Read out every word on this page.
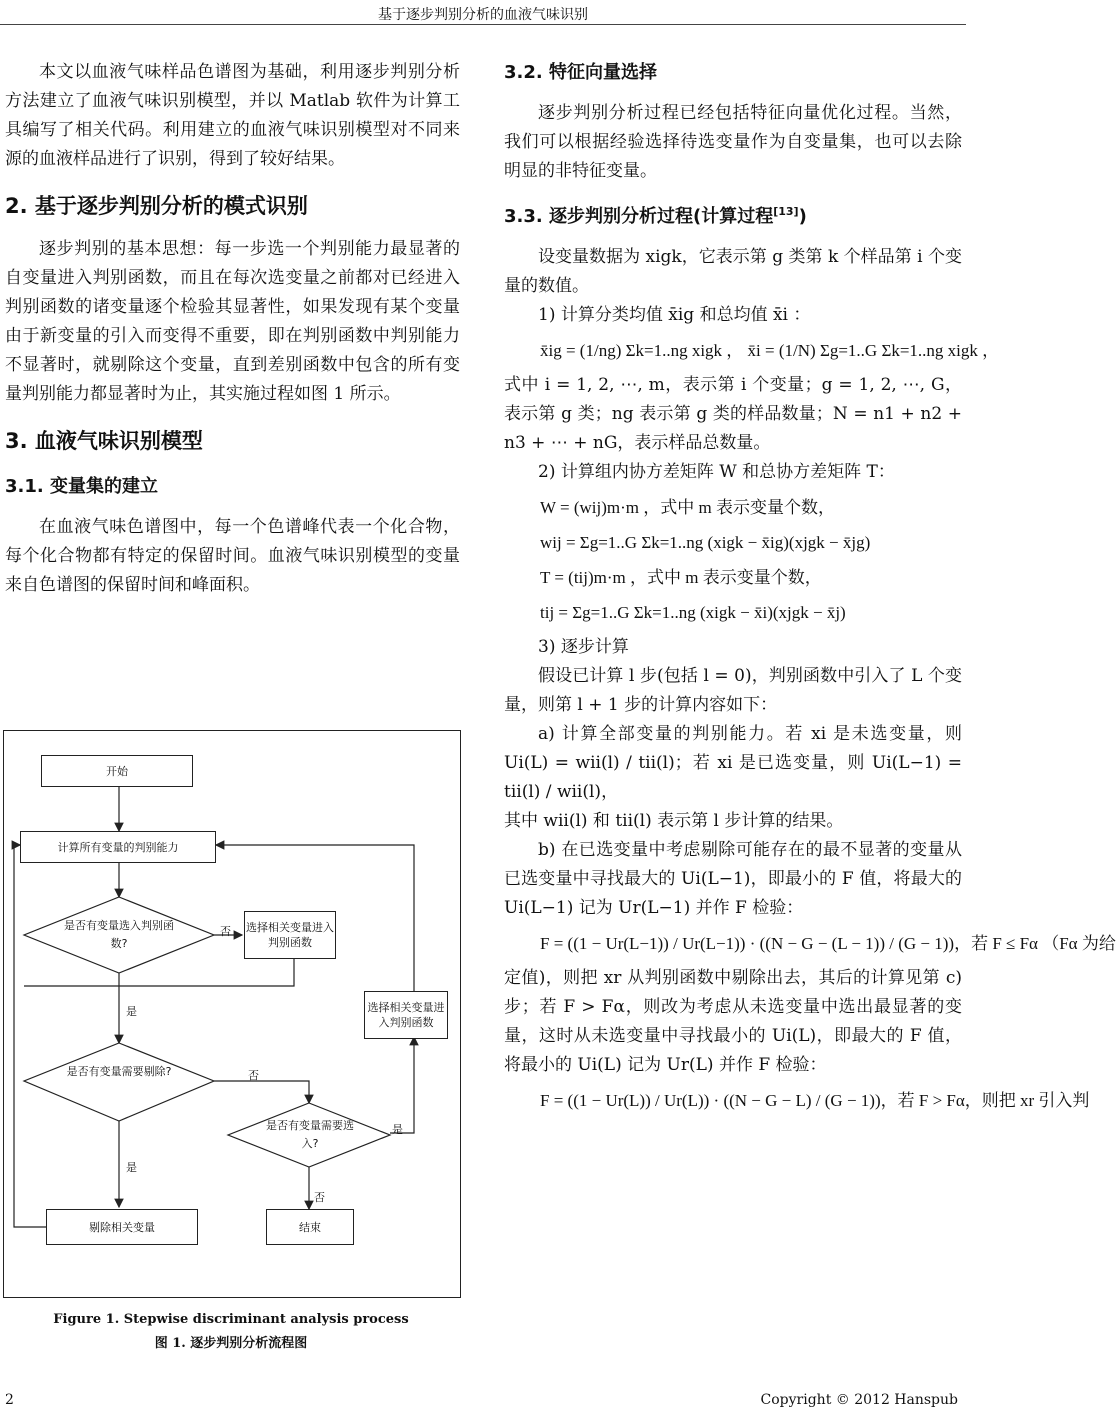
基于逐步判别分析的血液气味识别

本文以血液气味样品色谱图为基础，利用逐步判别分析方法建立了血液气味识别模型，并以 Matlab 软件为计算工具编写了相关代码。利用建立的血液气味识别模型对不同来源的血液样品进行了识别，得到了较好结果。

2. 基于逐步判别分析的模式识别

逐步判别的基本思想：每一步选一个判别能力最显著的自变量进入判别函数，而且在每次选变量之前都对已经进入判别函数的诸变量逐个检验其显著性，如果发现有某个变量由于新变量的引入而变得不重要，即在判别函数中判别能力不显著时，就剔除这个变量，直到差别函数中包含的所有变量判别能力都显著时为止，其实施过程如图 1 所示。

3. 血液气味识别模型
3.1. 变量集的建立

在血液气味色谱图中，每一个色谱峰代表一个化合物，每个化合物都有特定的保留时间。血液气味识别模型的变量来自色谱图的保留时间和峰面积。

开始
计算所有变量的判别能力
是否有变量选入判别函数?
选择相关变量进入判别函数
选择相关变量进入判别函数
是否有变量需要剔除?
是否有变量需要选入?
剔除相关变量	结束
否
是
否
是
是
否
Figure 1. Stepwise discriminant analysis process
图 1. 逐步判别分析流程图
3.2. 特征向量选择

逐步判别分析过程已经包括特征向量优化过程。当然，我们可以根据经验选择待选变量作为自变量集，也可以去除明显的非特征变量。

3.3. 逐步判别分析过程(计算过程[13])

设变量数据为 xigk，它表示第 g 类第 k 个样品第 i 个变量的数值。

1) 计算分类均值 x̄ig 和总均值 x̄i ：

x̄ig = (1/ng) Σk=1..ng xigk ， x̄i = (1/N) Σg=1..G Σk=1..ng xigk ，

式中 i = 1, 2, ⋯, m，表示第 i 个变量；g = 1, 2, ⋯, G，表示第 g 类；ng 表示第 g 类的样品数量；N = n1 + n2 + n3 + ⋯ + nG，表示样品总数量。

2) 计算组内协方差矩阵 W 和总协方差矩阵 T：

W = (wij)m·m ，式中 m 表示变量个数，

wij = Σg=1..G Σk=1..ng (xigk − x̄ig)(xjgk − x̄jg)

T = (tij)m·m ，式中 m 表示变量个数，

tij = Σg=1..G Σk=1..ng (xigk − x̄i)(xjgk − x̄j)

3) 逐步计算

假设已计算 l 步(包括 l = 0)，判别函数中引入了 L 个变量，则第 l + 1 步的计算内容如下：

a) 计算全部变量的判别能力。若 xi 是未选变量，则 Ui(L) = wii(l) / tii(l)；若 xi 是已选变量，则 Ui(L−1) = tii(l) / wii(l)，

其中 wii(l) 和 tii(l) 表示第 l 步计算的结果。

b) 在已选变量中考虑剔除可能存在的最不显著的变量从已选变量中寻找最大的 Ui(L−1)，即最小的 F 值，将最大的 Ui(L−1) 记为 Ur(L−1) 并作 F 检验：

F = ((1 − Ur(L−1)) / Ur(L−1)) · ((N − G − (L − 1)) / (G − 1))，若 F ≤ Fα （Fα 为给

定值)，则把 xr 从判别函数中剔除出去，其后的计算见第 c)步；若 F > Fα，则改为考虑从未选变量中选出最显著的变量，这时从未选变量中寻找最小的 Ui(L)，即最大的 F 值，将最小的 Ui(L) 记为 Ur(L) 并作 F 检验：

F = ((1 − Ur(L)) / Ur(L)) · ((N − G − L) / (G − 1))，若 F > Fα，则把 xr 引入判

2	Copyright © 2012 Hanspub
